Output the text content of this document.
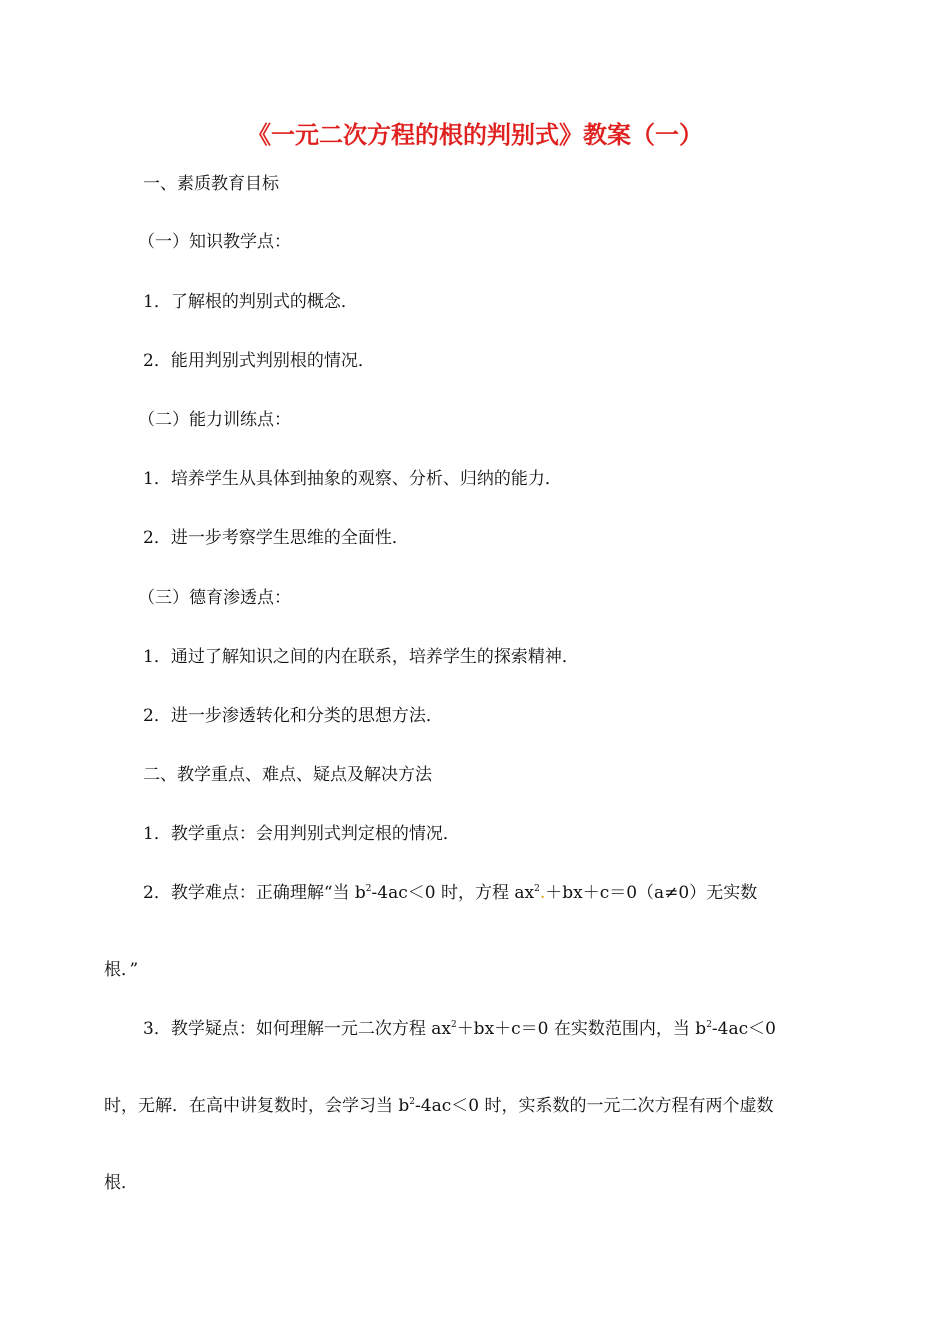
《一元二次方程的根的判别式》教案（一）

一、素质教育目标

（一）知识教学点：

1．了解根的判别式的概念．

2．能用判别式判别根的情况．

（二）能力训练点：

1．培养学生从具体到抽象的观察、分析、归纳的能力．

2．进一步考察学生思维的全面性．

（三）德育渗透点：

1．通过了解知识之间的内在联系，培养学生的探索精神．

2．进一步渗透转化和分类的思想方法．

二、教学重点、难点、疑点及解决方法

1．教学重点：会用判别式判定根的情况．

2．教学难点：正确理解“当 $b^2-4ac<0$ 时，方程 $ax^2.+bx+c=0(a\ne 0)$无实数

根．”

3．教学疑点：如何理解一元二次方程 $ax^2+bx+c=0$ 在实数范围内，当 $b^2-4ac<0$

时，无解．在高中讲复数时，会学习当 $b^2-4ac<0$ 时，实系数的一元二次方程有两个虚数

根．
